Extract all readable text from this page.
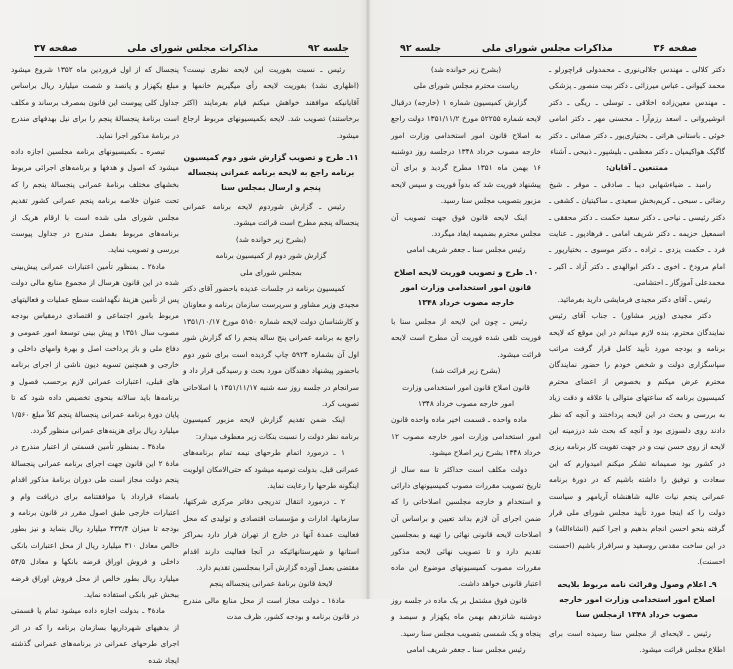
جلسه ۹۲
مذاکرات مجلس شورای ملی
صفحه ۳۷

رئیس ـ نسبت بفوریت این لایحه نظری نیست؟ (اظهاری نشد) بفوریت لایحه رأی میگیریم خانمها و آقایانیکه موافقند خواهش میکنم قیام بفرمایند (اکثر برخاستند) تصویب شد. لایحه بکمیسیونهای مربوط ارجاع میشود.

۱۱ـ طرح و تصویب گزارش شور دوم کمیسیون برنامه راجع به لایحه برنامه عمرانی پنجساله پنجم و ارسال بمجلس سنا

رئیس ـ گزارش شوردوم لایحه برنامه عمرانی پنجساله پنجم مطرح است قرائت میشود.

(بشرح زیر خوانده شد)

گزارش شور دوم از کمیسیون برنامه

بمجلس شورای ملی

کمیسیون برنامه در جلسات عدیده باحضور آقای دکتر مجیدی وزیر مشاور و سرپرست سازمان برنامه و معاونان و کارشناسان دولت لایحه شماره ۵۱۵۰ مورخ ۱۳۵۱/۱۰/۱۷ راجع به برنامه عمرانی پنج ساله پنجم را که گزارش شور اول آن بشماره ۵۹۲۴ چاپ گردیده است برای شور دوم باحضور پیشنهاد دهندگان مورد بحث و رسیدگی قرار داد و سرانجام در جلسه روز سه شنبه ۱۳۵۱/۱۱/۱۷ با اصلاحاتی تصویب کرد.

اینک ضمن تقدیم گزارش لایحه مزبور کمیسیون برنامه نظر دولت را نسبت بنکات زیر معطوف میدارد:

۱ ـ درمورد اتمام طرحهای نیمه تمام برنامه‌های عمرانی قبل، بدولت توصیه میشود که حتی‌الامکان اولویت اینگونه طرحها را رعایت نماید.

۲ ـ درمورد انتقال تدریجی دفاتر مرکزی شرکتها، سازمانها، ادارات و مؤسسات اقتصادی و تولیدی که محل فعالیت عمدهٔ آنها در خارج از تهران قرار دارد بمراکز استانها و شهرستانهائیکه در آنجا فعالیت دارند اقدام مقتضی بعمل آورده گزارش آنرا بمجلسین تقدیم دارد.

لایحهٔ قانون برنامهٔ عمرانی پنجساله پنجم

مادهٔ۱ ـ دولت مجاز است از محل منابع مالی مندرج در قانون برنامه و بودجه کشور، ظرف مدت

پنجسال که از اول فروردین ماه ۱۳۵۲ شروع میشود مبلغ یکهزار و پانصد و شصت میلیارد ریال براساس جداول کلی پیوست این قانون بمصرف برساند و مکلف است برنامهٔ پنجسالهٔ پنجم را برای نیل بهدفهای مندرج در برنامهٔ مذکور اجرا نماید.

تبصره ـ بکمیسیونهای برنامه مجلسین اجازه داده میشود که اصول و هدفها و برنامه‌های اجرائی مربوط بخشهای مختلف برنامهٔ عمرانی پنجسالهٔ پنجم را که تحت عنوان خلاصه برنامه پنجم عمرانی کشور تقدیم مجلس شورای ملی شده است با ارقام هریک از برنامه‌های مربوط بفصل مندرج در جداول پیوست بررسی و تصویب نماید.

مادهٔ۲ ـ بمنظور تأمین اعتبارات عمرانی پیش‌بینی شده در این قانون هرسال از مجموع منابع مالی دولت پس از تأمین هزینهٔ نگهداشت سطح عملیات و فعالیتهای مربوط بامور اجتماعی و اقتصادی درمقیاس بودجه مصوب سال ۱۳۵۱ و پیش بینی توسعهٔ امور عمومی و دفاع ملی و باز پرداخت اصل و بهرهٔ وامهای داخلی و خارجی و همچنین تسویه دیون ناشی از اجرای برنامه های قبلی، اعتبارات عمرانی لازم برحسب فصول و برنامه‌ها باید سالانه بنحوی تخصیص داده شود که تا پایان دورهٔ برنامه عمرانی پنجسالهٔ پنجم کلاً مبلغ ۱/۵۶۰ میلیارد ریال برای هزینه‌های عمرانی منظور گردد.

مادهٔ۳ ـ بمنظور تأمین قسمتی از اعتبار مندرج در مادهٔ ۲ این قانون جهت اجرای برنامه عمرانی پنجسالهٔ پنجم دولت مجاز است طی دوران برنامهٔ مذکور اقدام بامضاء قرارداد یا موافقتنامه برای دریافت وام و اعتبارات خارجی طبق اصول مقرر در قانون برنامه و بودجه تا میزان ۴۳۳/۴ میلیارد ریال بنماید و نیز بطور خالص معادل ۳۱۰ میلیارد ریال از محل اعتبارات بانکی داخلی و فروش اوراق قرضه بانکها و معادل ۵۴/۵ میلیارد ریال بطور خالص از محل فروش اوراق قرضه ببخش غیر بانکی استفاده نماید.

مادهٔ۴ ـ بدولت اجازه داده میشود تمام یا قسمتی از بدهیهای شهرداریها بسازمان برنامه را که در اثر اجرای طرحهای عمرانی در برنامه‌های عمرانی گذشته ایجاد شده

صفحه ۳۶
مذاکرات مجلس شورای ملی
جلسه ۹۲

دکتر کلالی ـ مهندس جلالی‌نوری ـ محمدولی قراچورلو ـ محمد کیوانی ـ عباس میرزائی ـ دکتر بیت منصور ـ پزشکی ـ مهندس معین‌زاده اخلاقی ـ توسلی ـ ریگی ـ دکتر انوشیروانی ـ اسعد رزم‌آرا ـ محسنی مهر ـ دکتر امامی خوئی ـ باستانی هراتی ـ بختیاری‌پور ـ دکتر صفائی ـ دکتر گاگیک هواکیمیان ـ دکتر معظمی ـ بلیشپور ـ ذبیحی ـ آشناء

ممتنعین ـ آقایان:

رامبد ـ ضیاءشهابی دیبا ـ صادقی ـ موقر ـ شیخ رضائی ـ سبحی ـ کریم‌بخش سعیدی ـ ساکیتیان ـ کشفی ـ دکتر رئیسی ـ نیاحی ـ دکتر سعید حکمت ـ دکتر محققی ـ اسمعیل حزیمه ـ دکتر شریف امامی ـ فرهادپور ـ عنایت فرد ـ حکمت یزدی ـ تراده ـ دکتر موسوی ـ بختیارپور ـ امام مرودخ ـ اخوی ـ دکتر ابوالهدی ـ دکتر آزاد ـ اکبر ـ محمدعلی آموزگار ـ احتشامی.

رئیس ـ آقای دکتر مجیدی فرمایشی دارید بفرمائید.

دکتر مجیدی (وزیر مشاور) ـ جناب آقای رئیس نمایندگان محترم، بنده لازم میدانم در این موقع که لایحه برنامه و بودجه مورد تأیید کامل قرار گرفت مراتب سپاسگزاری دولت و شخص خودم را حضور نمایندگان محترم عرض میکنم و بخصوص از اعضای محترم کمیسیون برنامه که ساعتهای متوالی با علاقه و دقت زیاد به بررسی و بحث در این لایحه پرداختند و آنچه که نظر دادند روی دلسوزی بود و آنچه که بحث شد درزمینه این لایحه از روی حسن نیت و در جهت تقویت کار برنامه ریزی در کشور بود صمیمانه تشکر میکنم امیدوارم که این سعادت و توفیق را داشته باشیم که در دورهٔ برنامه عمرانی پنجم نیات عالیه شاهنشاه آریامهر و سیاست دولت را که اینجا مورد تأیید مجلس شورای ملی قرار گرفته بنحو احسن انجام بدهیم و اجرا کنیم (انشاءالله) و در این ساخت مقدس روسفید و سرافراز باشیم (احسنت احسنت).

۹ـ اعلام وصول وقرائت نامه مربوط بلایحه اصلاح امور استخدامی وزارت امور خارجه مصوب خرداد ۱۳۴۸ ازمجلس سنا

رئیس ـ لایحه‌ای از مجلس سنا رسیده است برای اطلاع مجلس قرائت میشود.

(بشرح زیر خوانده شد)

ریاست محترم مجلس شورای ملی

گزارش کمیسیون شماره ۱ (خارجه) درقبال لایحه شماره ۵۲۲۵۵ مورخ ۱۳۵۱/۱۱/۲ دولت راجع به اصلاح قانون امور استخدامی وزارت امور خارجه مصوب خرداد ۱۳۴۸ درجلسه روز دوشنبه ۱۶ بهمن ماه ۱۳۵۱ مطرح گردید و برای آن پیشنهاد فوریت شد که بدواً فوریت و سپس لایحه مزبور بتصویب مجلس سنا رسید.

اینک لایحه قانون فوق جهت تصویب آن مجلس محترم بضمیمه ایفاد میگردد.

رئیس مجلس سنا ـ جعفر شریف امامی

۱۰ـ طرح و تصویب فوریت لایحه اصلاح قانون امور استخدامی وزارت امور خارجه مصوب خرداد ۱۳۴۸

رئیس ـ چون این لایحه از مجلس سنا با فوریت تلقی شده فوریت آن مطرح است لایحه قرائت میشود.

(بشرح زیر قرائت شد)

قانون اصلاح قانون امور استخدامی وزارت

امور خارجه مصوب خرداد ۱۳۴۸

ماده واحده ـ قسمت اخیر ماده واحده قانون امور استخدامی وزارت امور خارجه مصوب ۱۲ خرداد ۱۳۴۸ بشرح زیر اصلاح میشود.

دولت مکلف است حداکثر تا سه سال از تاریخ تصویب مقررات مصوب کمیسیونهای دارائی و استخدام و خارجه مجلسین اصلاحاتی را که ضمن اجرای آن لازم بداند تعیین و براساس آن اصلاحات لایحه قانونی نهائی را تهیه و بمجلسین تقدیم دارد و تا تصویب نهائی لایحه مذکور مقررات مصوب کمیسیونهای موضوع این ماده اعتبار قانونی خواهد داشت.

قانون فوق مشتمل بر یک ماده در جلسه روز دوشنبه شانزدهم بهمن ماه یکهزار و سیصد و پنجاه و یک شمسی بتصویب مجلس سنا رسید.

رئیس مجلس سنا ـ جعفر شریف امامی
